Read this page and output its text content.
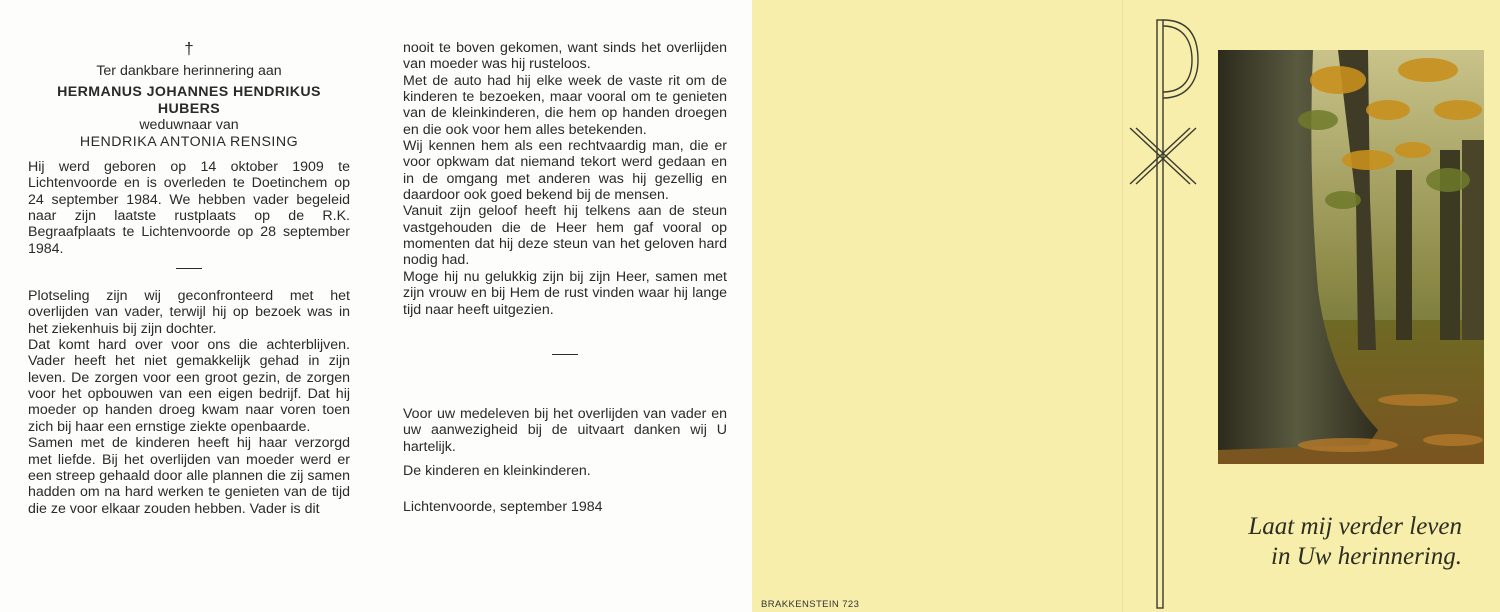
†
Ter dankbare herinnering aan
HERMANUS JOHANNES HENDRIKUS
HUBERS
weduwnaar van
HENDRIKA ANTONIA RENSING

Hij werd geboren op 14 oktober 1909 te Lichtenvoorde en is overleden te Doetinchem op 24 september 1984. We hebben vader begeleid naar zijn laatste rustplaats op de R.K. Begraafplaats te Lichtenvoorde op 28 september 1984.

Plotseling zijn wij geconfronteerd met het overlijden van vader, terwijl hij op bezoek was in het ziekenhuis bij zijn dochter.

Dat komt hard over voor ons die achterblijven. Vader heeft het niet gemakkelijk gehad in zijn leven. De zorgen voor een groot gezin, de zorgen voor het opbouwen van een eigen bedrijf. Dat hij moeder op handen droeg kwam naar voren toen zich bij haar een ernstige ziekte openbaarde.

Samen met de kinderen heeft hij haar verzorgd met liefde. Bij het overlijden van moeder werd er een streep gehaald door alle plannen die zij samen hadden om na hard werken te genieten van de tijd die ze voor elkaar zouden hebben. Vader is dit

nooit te boven gekomen, want sinds het overlijden van moeder was hij rusteloos.

Met de auto had hij elke week de vaste rit om de kinderen te bezoeken, maar vooral om te genieten van de kleinkinderen, die hem op handen droegen en die ook voor hem alles betekenden.

Wij kennen hem als een rechtvaardig man, die er voor opkwam dat niemand tekort werd gedaan en in de omgang met anderen was hij gezellig en daardoor ook goed bekend bij de mensen.

Vanuit zijn geloof heeft hij telkens aan de steun vastgehouden die de Heer hem gaf vooral op momenten dat hij deze steun van het geloven hard nodig had.

Moge hij nu gelukkig zijn bij zijn Heer, samen met zijn vrouw en bij Hem de rust vinden waar hij lange tijd naar heeft uitgezien.

Voor uw medeleven bij het overlijden van vader en uw aanwezigheid bij de uitvaart danken wij U hartelijk.

De kinderen en kleinkinderen.

Lichtenvoorde, september 1984

Laat mij verder leven
in Uw herinnering.
BRAKKENSTEIN 723
